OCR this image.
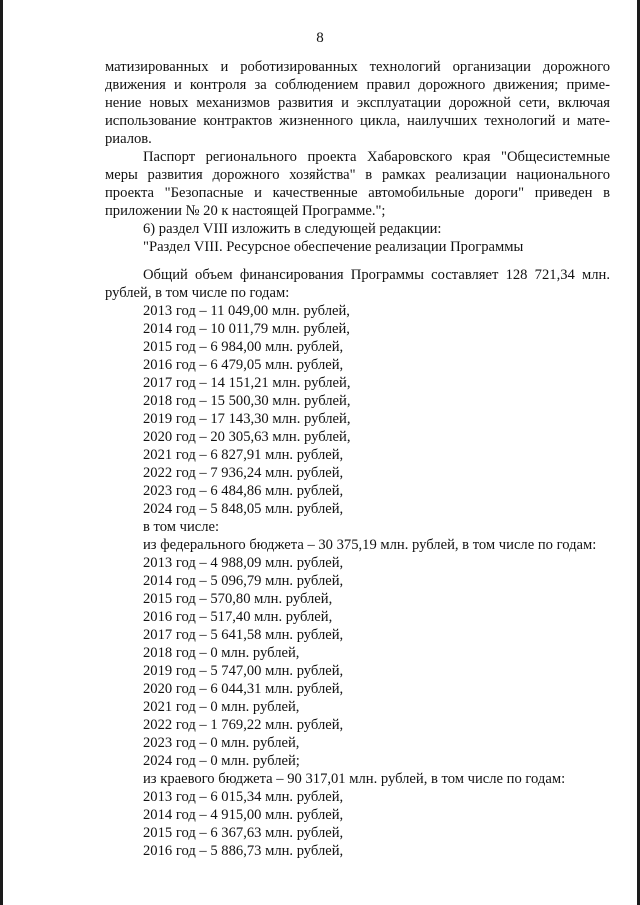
8
матизированных и роботизированных технологий организации дорожного
движения и контроля за соблюдением правил дорожного движения; приме-
нение новых механизмов развития и эксплуатации дорожной сети, включая
использование контрактов жизненного цикла, наилучших технологий и мате-
риалов.
Паспорт регионального проекта Хабаровского края "Общесистемные
меры развития дорожного хозяйства" в рамках реализации национального
проекта "Безопасные и качественные автомобильные дороги" приведен в
приложении № 20 к настоящей Программе.";
6) раздел VIII изложить в следующей редакции:
"Раздел VIII. Ресурсное обеспечение реализации Программы
Общий объем финансирования Программы составляет 128 721,34 млн.
рублей, в том числе по годам:
2013 год – 11 049,00 млн. рублей,
2014 год – 10 011,79 млн. рублей,
2015 год – 6 984,00 млн. рублей,
2016 год – 6 479,05 млн. рублей,
2017 год – 14 151,21 млн. рублей,
2018 год – 15 500,30 млн. рублей,
2019 год – 17 143,30 млн. рублей,
2020 год – 20 305,63 млн. рублей,
2021 год – 6 827,91 млн. рублей,
2022 год – 7 936,24 млн. рублей,
2023 год – 6 484,86 млн. рублей,
2024 год – 5 848,05 млн. рублей,
в том числе:
из федерального бюджета – 30 375,19 млн. рублей, в том числе по годам:
2013 год – 4 988,09 млн. рублей,
2014 год – 5 096,79 млн. рублей,
2015 год – 570,80 млн. рублей,
2016 год – 517,40 млн. рублей,
2017 год – 5 641,58 млн. рублей,
2018 год – 0 млн. рублей,
2019 год – 5 747,00 млн. рублей,
2020 год – 6 044,31 млн. рублей,
2021 год – 0 млн. рублей,
2022 год – 1 769,22 млн. рублей,
2023 год – 0 млн. рублей,
2024 год – 0 млн. рублей;
из краевого бюджета – 90 317,01 млн. рублей, в том числе по годам:
2013 год – 6 015,34 млн. рублей,
2014 год – 4 915,00 млн. рублей,
2015 год – 6 367,63 млн. рублей,
2016 год – 5 886,73 млн. рублей,
